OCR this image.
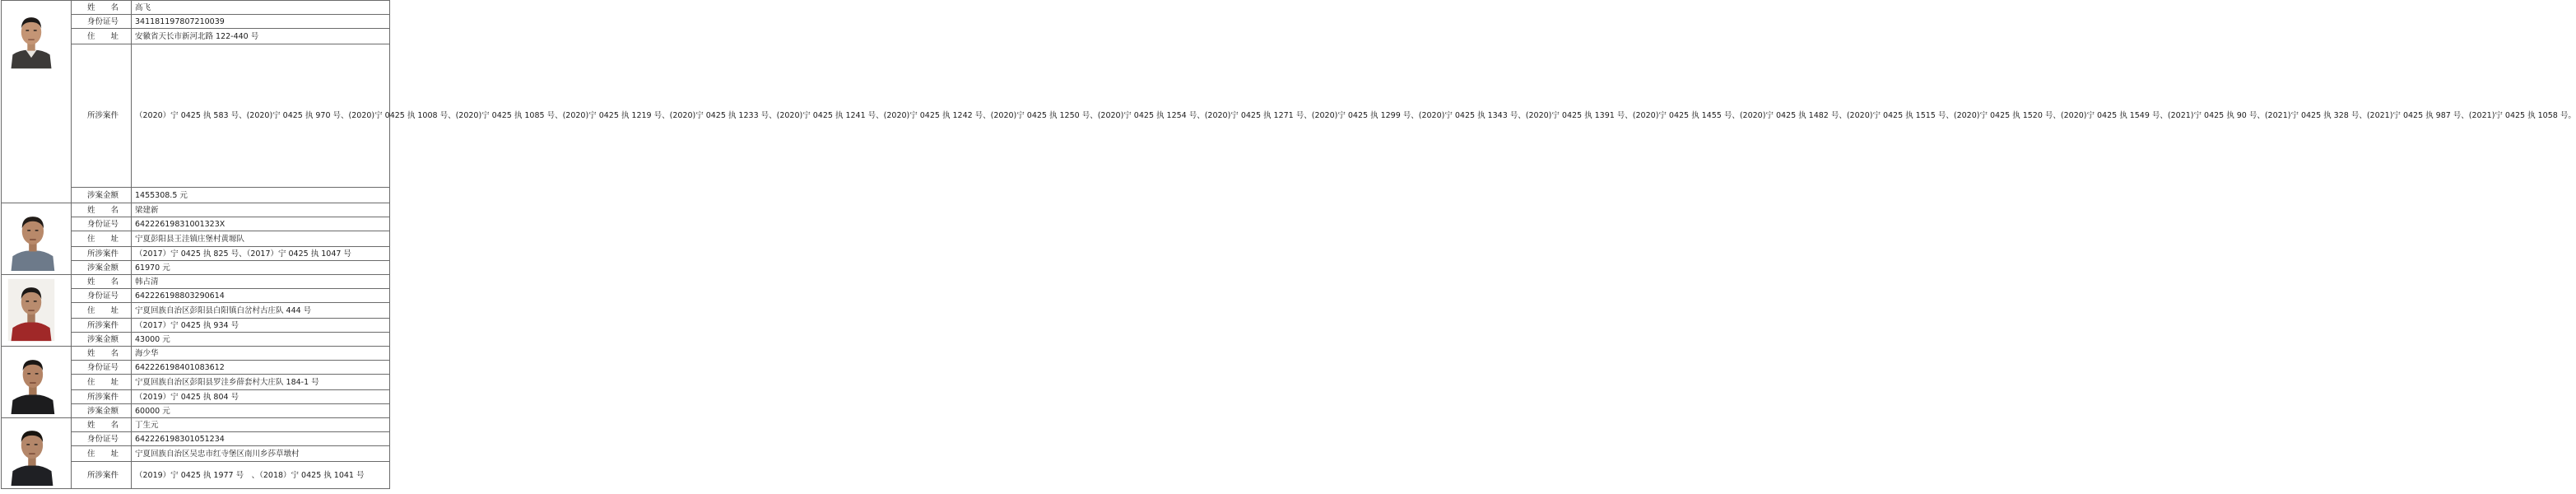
	姓　　名	高飞
	身份证号	341181197807210039
	住　　址	安徽省天长市新河北路 122-440 号
	所涉案件	（2020）宁 0425 执 583 号、(2020)宁 0425 执 970 号、(2020)宁 0425 执 1008 号、(2020)宁 0425 执 1085 号、(2020)宁 0425 执 1219 号、(2020)宁 0425 执 1233 号、(2020)宁 0425 执 1241 号、(2020)宁 0425 执 1242 号、(2020)宁 0425 执 1250 号、(2020)宁 0425 执 1254 号、(2020)宁 0425 执 1271 号、(2020)宁 0425 执 1299 号、(2020)宁 0425 执 1343 号、(2020)宁 0425 执 1391 号、(2020)宁 0425 执 1455 号、(2020)宁 0425 执 1482 号、(2020)宁 0425 执 1515 号、(2020)宁 0425 执 1520 号、(2020)宁 0425 执 1549 号、(2021)宁 0425 执 90 号、(2021)宁 0425 执 328 号、(2021)宁 0425 执 987 号、(2021)宁 0425 执 1058 号。
	涉案金额	1455308.5 元

	姓　　名	梁建新
	身份证号	64222619831001323X
	住　　址	宁夏彭阳县王洼镇庄堡村黄塬队
	所涉案件	（2017）宁 0425 执 825 号、（2017）宁 0425 执 1047 号
	涉案金额	61970 元

	姓　　名	韩占清
	身份证号	642226198803290614
	住　　址	宁夏回族自治区彭阳县白阳镇白岔村古庄队 444 号
	所涉案件	（2017）宁 0425 执 934 号
	涉案金额	43000 元

	姓　　名	海少华
	身份证号	642226198401083612
	住　　址	宁夏回族自治区彭阳县罗洼乡薛套村大庄队 184-1 号
	所涉案件	（2019）宁 0425 执 804 号
	涉案金额	60000 元

	姓　　名	丁生元
	身份证号	642226198301051234
	住　　址	宁夏回族自治区吴忠市红寺堡区南川乡莎草墩村
	所涉案件	（2019）宁 0425 执 1977 号　、（2018）宁 0425 执 1041 号
